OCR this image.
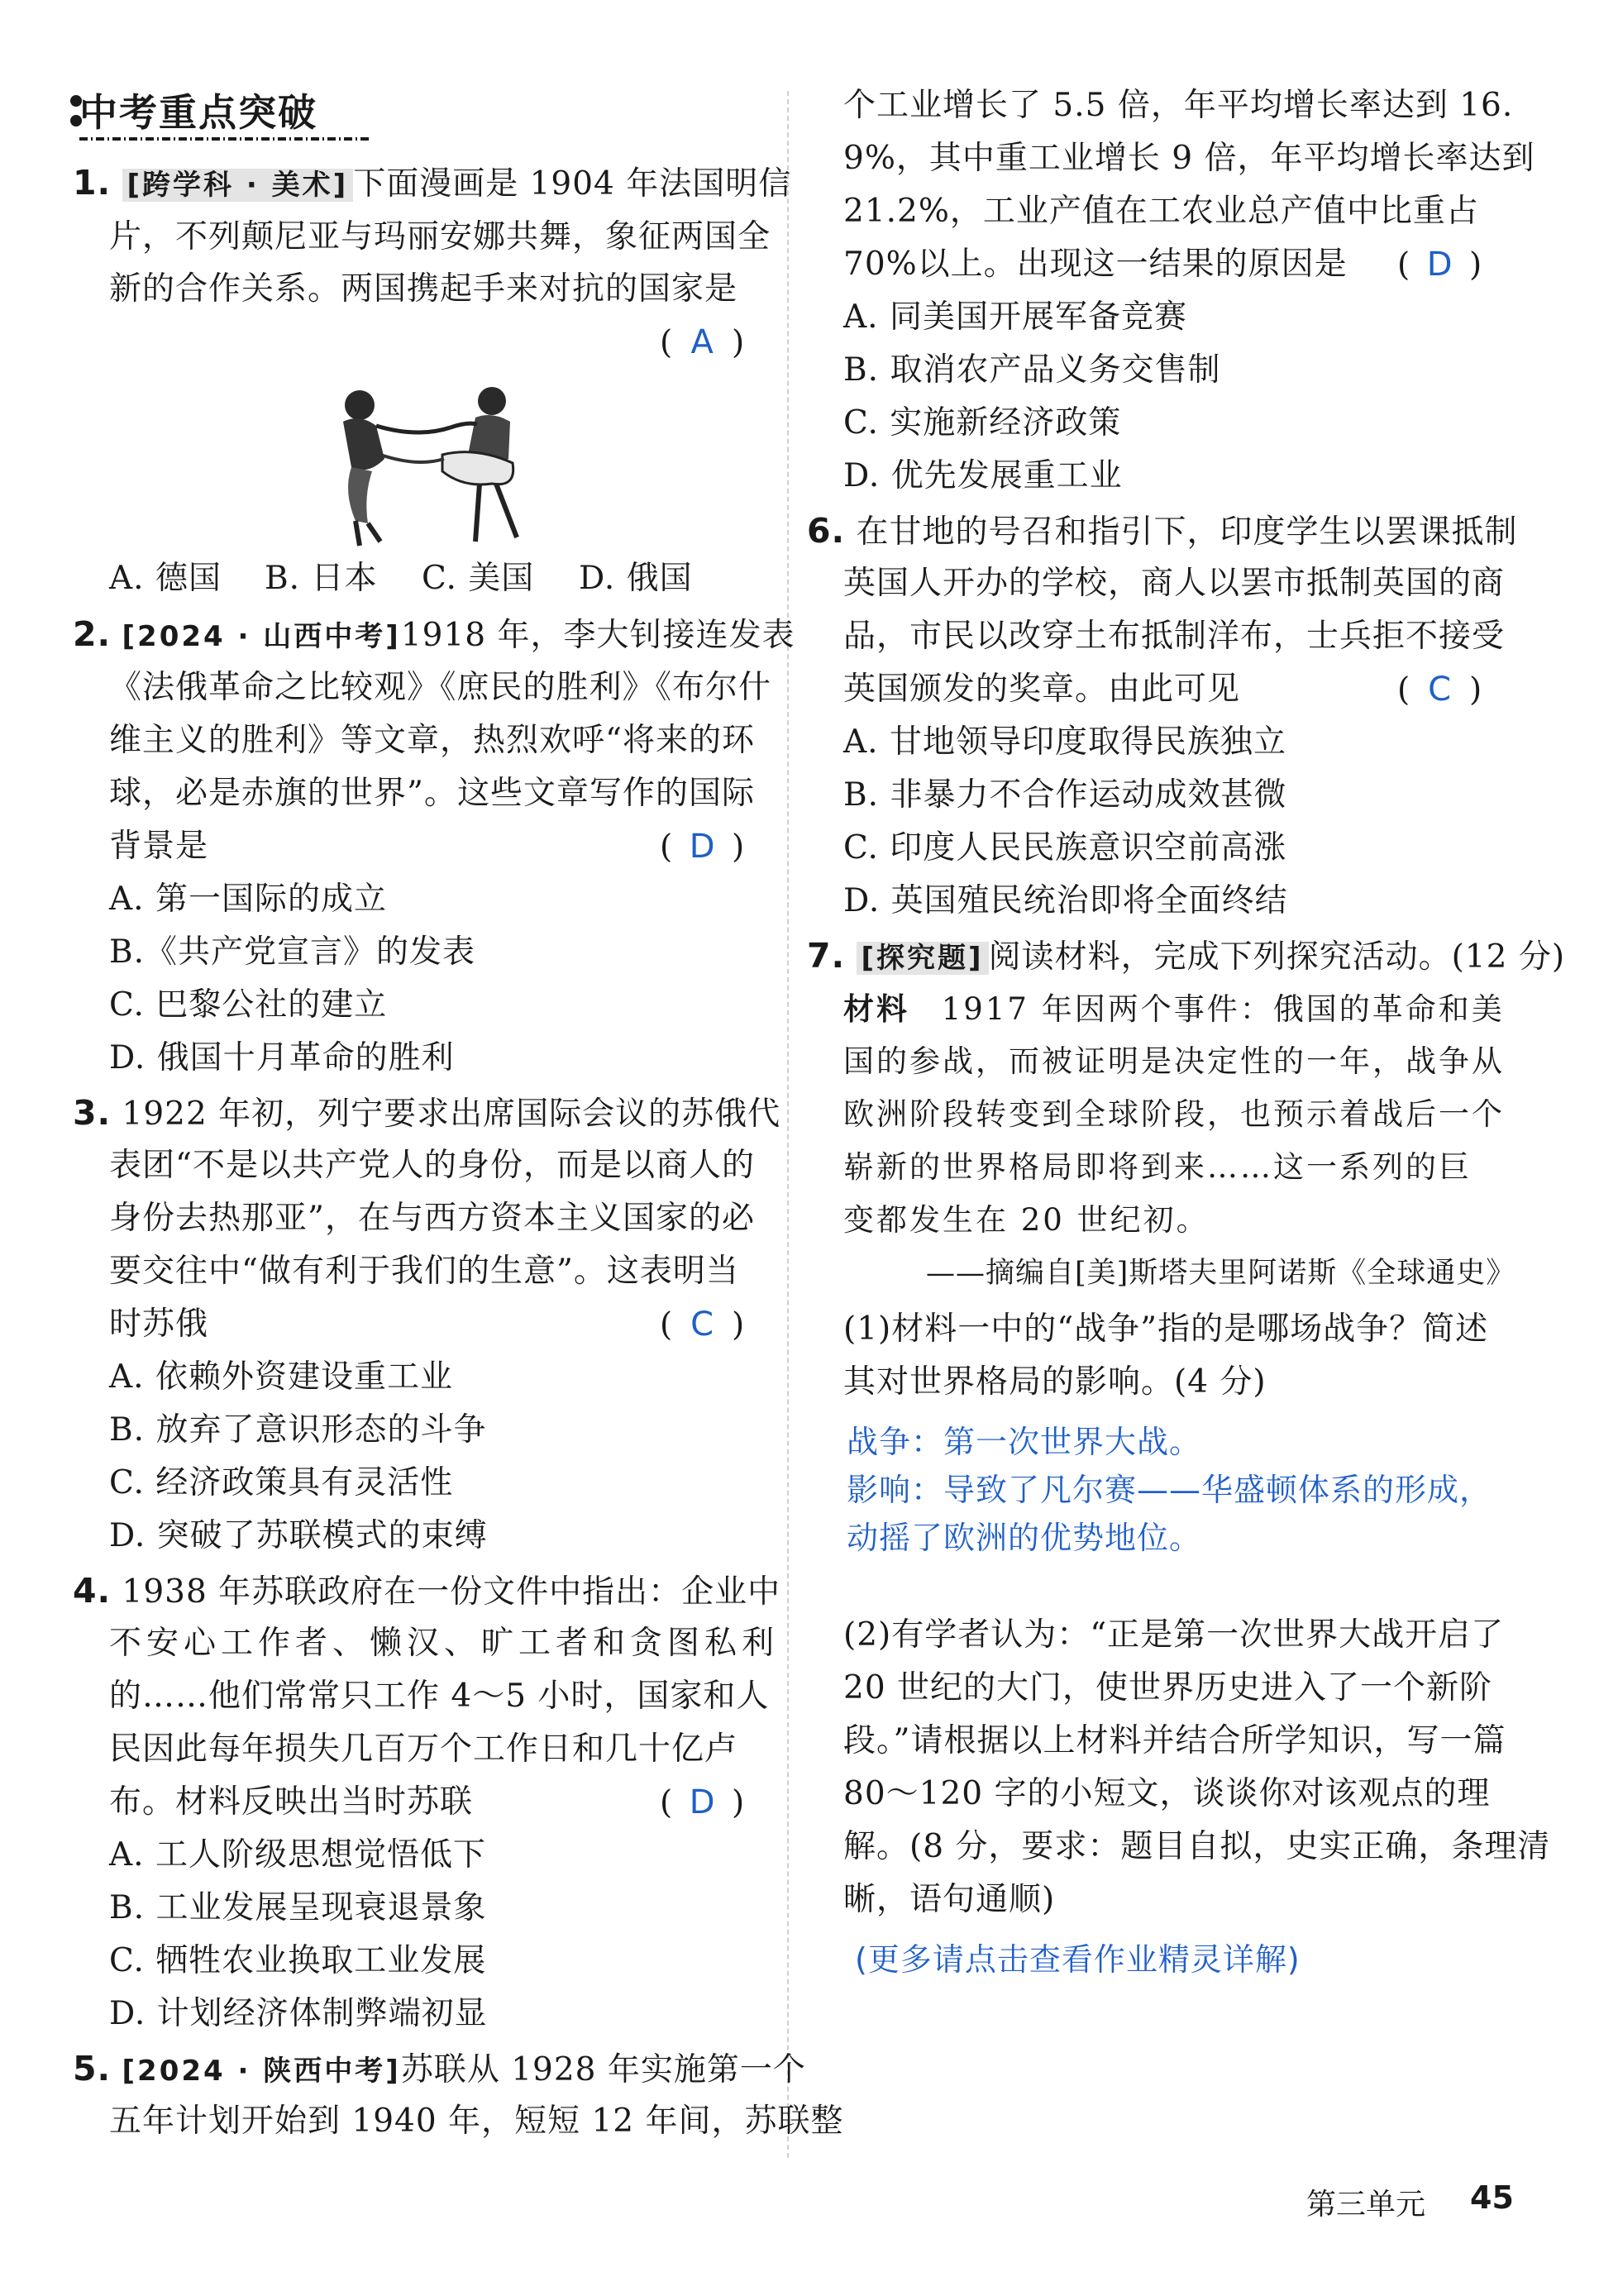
中考重点突破
1. [跨学科 · 美术] 下面漫画是 1904 年法国明信
片，不列颠尼亚与玛丽安娜共舞，象征两国全
新的合作关系。两国携起手来对抗的国家是
( A )
A. 德国 B. 日本 C. 美国 D. 俄国
2. [2024 · 山西中考]1918 年，李大钊接连发表
《法俄革命之比较观》《庶民的胜利》《布尔什
维主义的胜利》等文章，热烈欢呼“将来的环
球，必是赤旗的世界”。这些文章写作的国际
背景是	( D )
A. 第一国际的成立
B.《共产党宣言》的发表
C. 巴黎公社的建立
D. 俄国十月革命的胜利
3. 1922 年初，列宁要求出席国际会议的苏俄代
表团“不是以共产党人的身份，而是以商人的
身份去热那亚”，在与西方资本主义国家的必
要交往中“做有利于我们的生意”。这表明当
时苏俄	( C )
A. 依赖外资建设重工业
B. 放弃了意识形态的斗争
C. 经济政策具有灵活性
D. 突破了苏联模式的束缚
4. 1938 年苏联政府在一份文件中指出：企业中
不安心工作者、懒汉、旷工者和贪图私利
的……他们常常只工作 4～5 小时，国家和人
民因此每年损失几百万个工作日和几十亿卢
布。材料反映出当时苏联	( D )
A. 工人阶级思想觉悟低下
B. 工业发展呈现衰退景象
C. 牺牲农业换取工业发展
D. 计划经济体制弊端初显
5. [2024 · 陕西中考]苏联从 1928 年实施第一个
五年计划开始到 1940 年，短短 12 年间，苏联整
个工业增长了 5.5 倍，年平均增长率达到 16.
9%，其中重工业增长 9 倍，年平均增长率达到
21.2%，工业产值在工农业总产值中比重占
70%以上。出现这一结果的原因是 ( D )
A. 同美国开展军备竞赛
B. 取消农产品义务交售制
C. 实施新经济政策
D. 优先发展重工业
6. 在甘地的号召和指引下，印度学生以罢课抵制
英国人开办的学校，商人以罢市抵制英国的商
品，市民以改穿土布抵制洋布，士兵拒不接受
英国颁发的奖章。由此可见	( C )
A. 甘地领导印度取得民族独立
B. 非暴力不合作运动成效甚微
C. 印度人民民族意识空前高涨
D. 英国殖民统治即将全面终结
7. [探究题] 阅读材料，完成下列探究活动。(12 分)
材料 1917 年因两个事件：俄国的革命和美
国的参战，而被证明是决定性的一年，战争从
欧洲阶段转变到全球阶段，也预示着战后一个
崭新的世界格局即将到来……这一系列的巨
变都发生在 20 世纪初。
——摘编自[美]斯塔夫里阿诺斯《全球通史》
(1)材料一中的“战争”指的是哪场战争？简述
其对世界格局的影响。(4 分)
战争：第一次世界大战。
影响：导致了凡尔赛——华盛顿体系的形成，
动摇了欧洲的优势地位。
(2)有学者认为：“正是第一次世界大战开启了
20 世纪的大门，使世界历史进入了一个新阶
段。”请根据以上材料并结合所学知识，写一篇
80～120 字的小短文，谈谈你对该观点的理
解。(8 分，要求：题目自拟，史实正确，条理清
晰，语句通顺)
(更多请点击查看作业精灵详解)
第三单元 45
